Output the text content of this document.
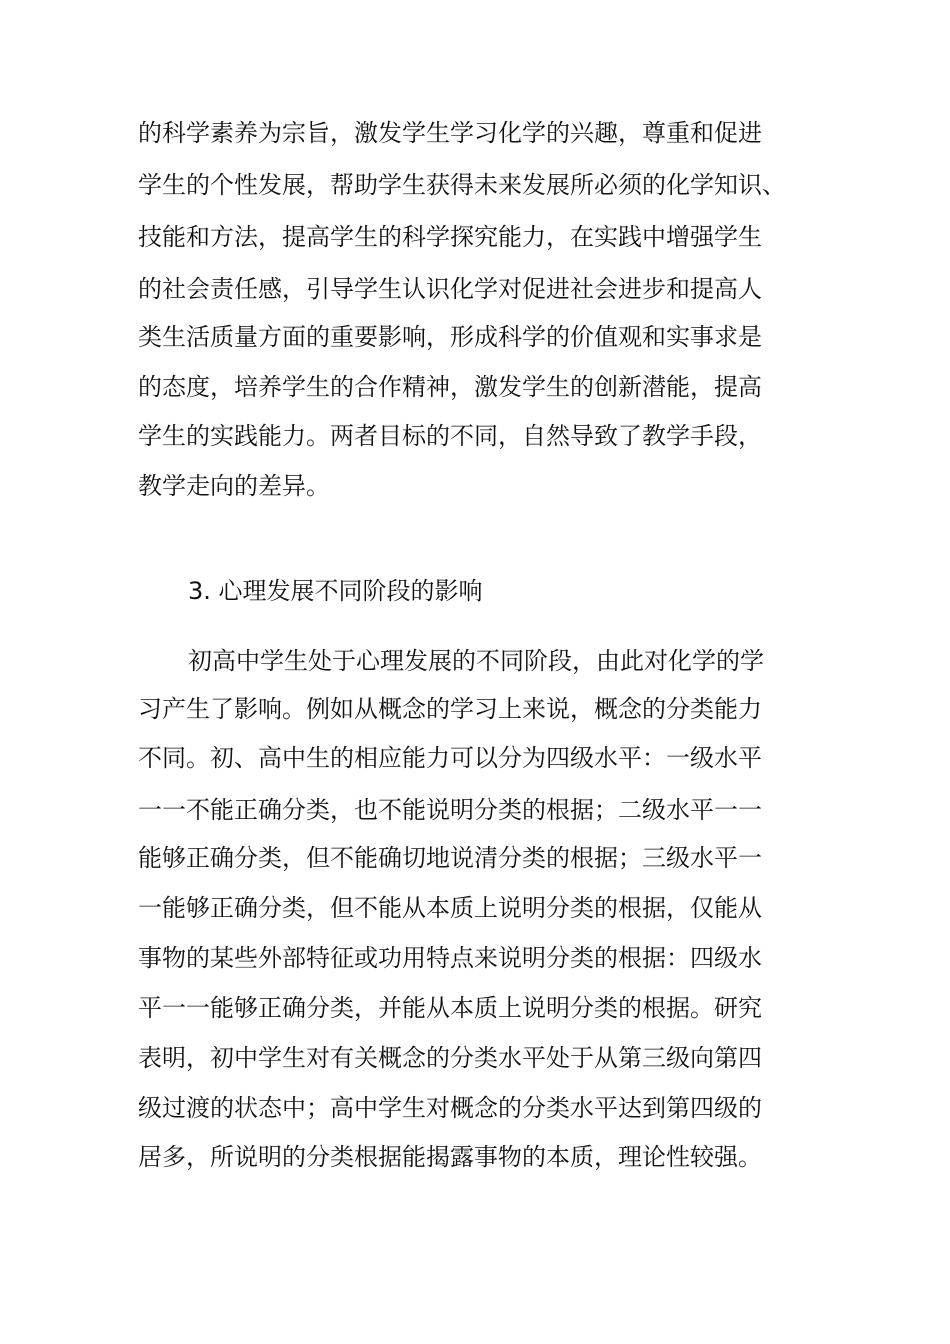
的科学素养为宗旨，激发学生学习化学的兴趣，尊重和促进
学生的个性发展，帮助学生获得未来发展所必须的化学知识、
技能和方法，提高学生的科学探究能力，在实践中增强学生
的社会责任感，引导学生认识化学对促进社会进步和提高人
类生活质量方面的重要影响，形成科学的价值观和实事求是
的态度，培养学生的合作精神，激发学生的创新潜能，提高
学生的实践能力。两者目标的不同，自然导致了教学手段，
教学走向的差异。
3. 心理发展不同阶段的影响
初高中学生处于心理发展的不同阶段，由此对化学的学
习产生了影响。例如从概念的学习上来说，概念的分类能力
不同。初、高中生的相应能力可以分为四级水平：一级水平
一一不能正确分类，也不能说明分类的根据；二级水平一一
能够正确分类，但不能确切地说清分类的根据；三级水平一
一能够正确分类，但不能从本质上说明分类的根据，仅能从
事物的某些外部特征或功用特点来说明分类的根据：四级水
平一一能够正确分类，并能从本质上说明分类的根据。研究
表明，初中学生对有关概念的分类水平处于从第三级向第四
级过渡的状态中；高中学生对概念的分类水平达到第四级的
居多，所说明的分类根据能揭露事物的本质，理论性较强。
